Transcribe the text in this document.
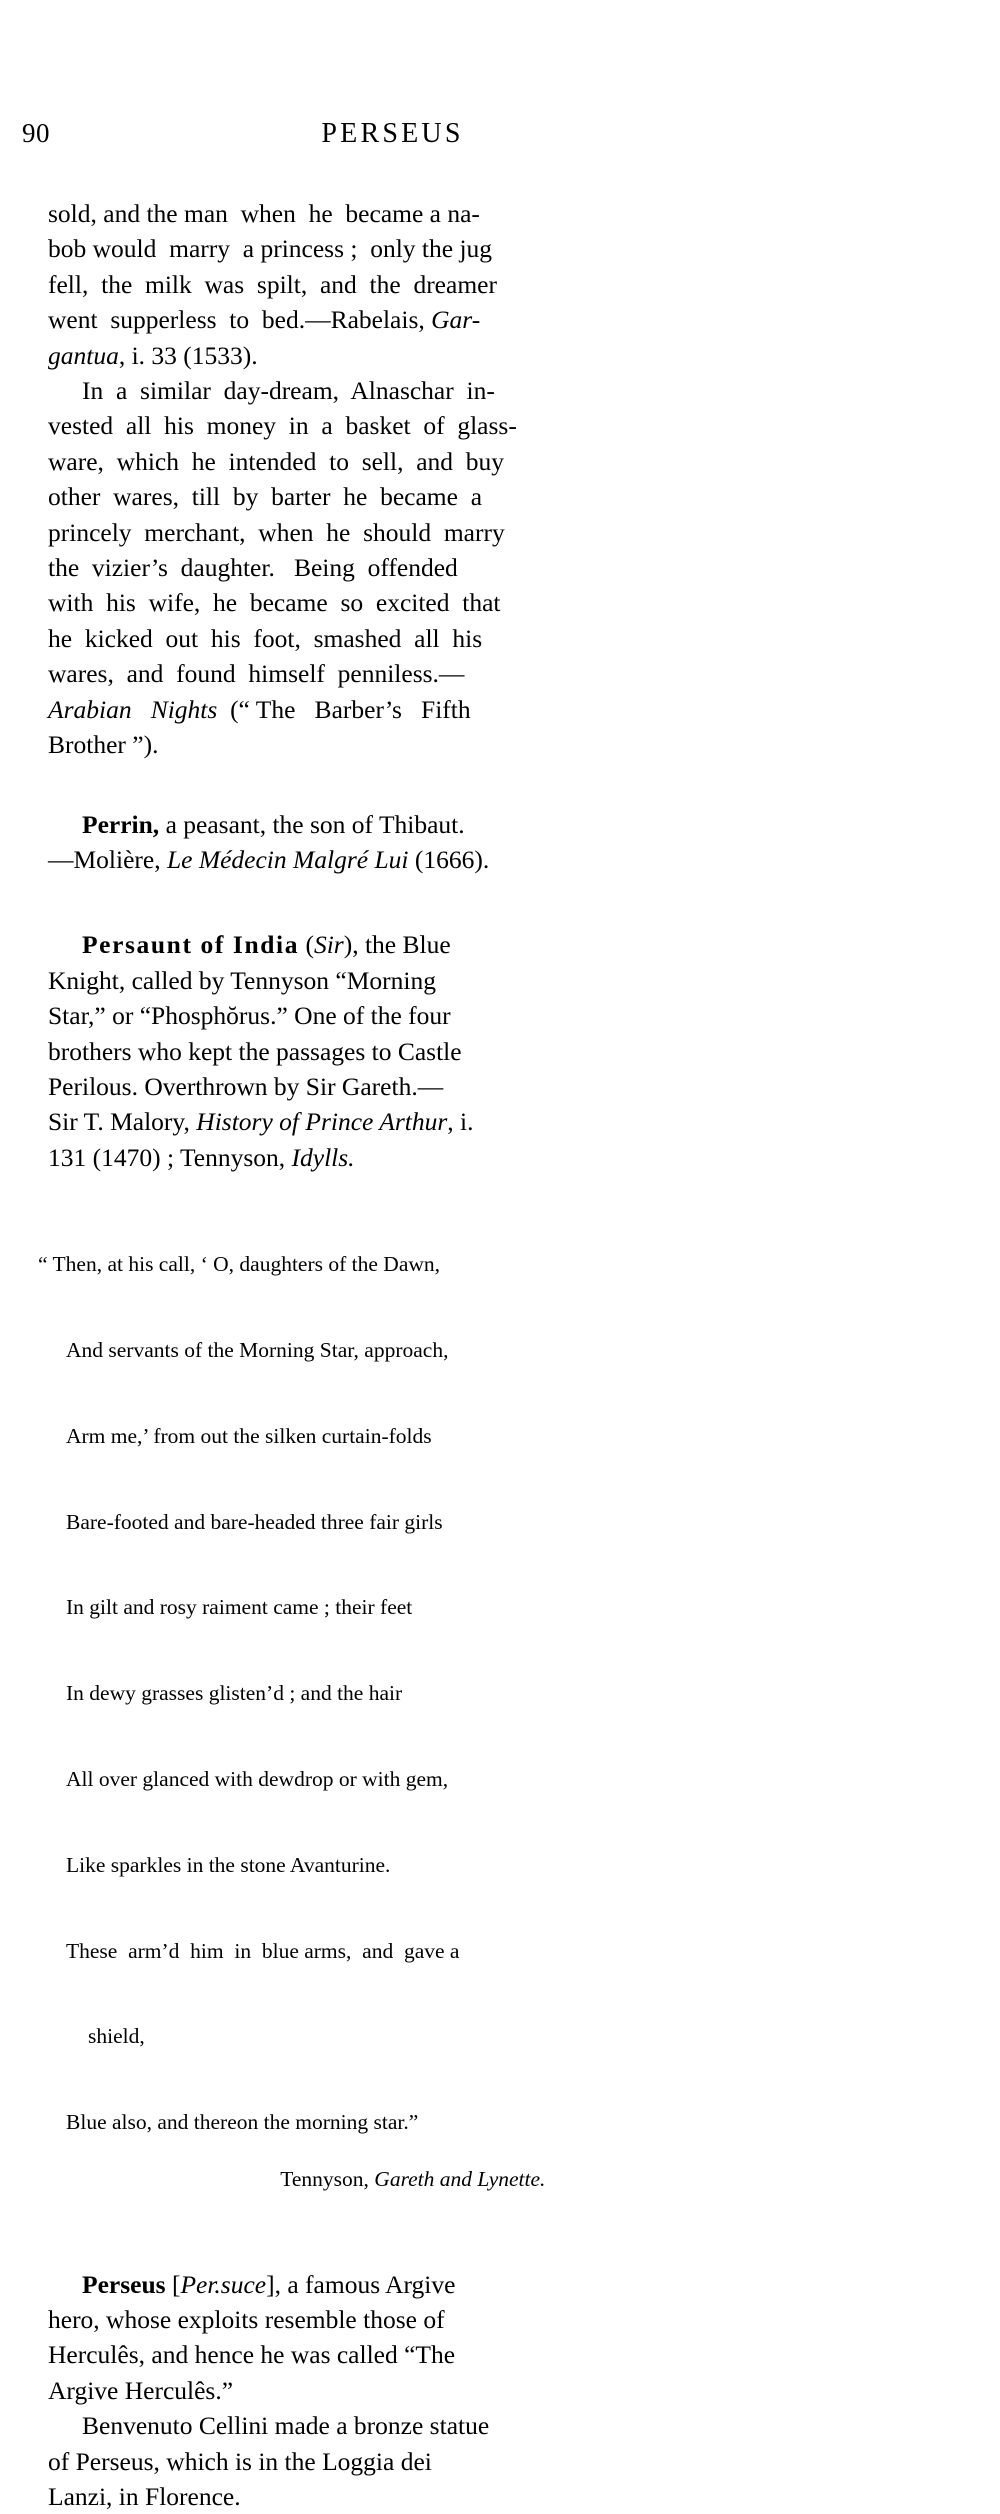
90	PERSEUS
sold, and the man  when  he  became a na-
bob would  marry  a princess ;  only the jug
fell,  the  milk  was  spilt,  and  the  dreamer
went  supperless  to  bed.—Rabelais, Gar-
gantua, i. 33 (1533).
In  a  similar  day-dream,  Alnaschar  in-
vested  all  his  money  in  a  basket  of  glass-
ware,  which  he  intended  to  sell,  and  buy
other  wares,  till  by  barter  he  became  a
princely  merchant,  when  he  should  marry
the  vizier’s  daughter.   Being  offended
with  his  wife,  he  became  so  excited  that
he  kicked  out  his  foot,  smashed  all  his
wares,  and  found  himself  penniless.—
Arabian   Nights  (“ The   Barber’s   Fifth
Brother ”).
Perrin, a peasant, the son of Thibaut.
—Molière, Le Médecin Malgré Lui (1666).
Persaunt of India (Sir), the Blue
Knight, called by Tennyson “Morning
Star,” or “Phosphŏrus.” One of the four
brothers who kept the passages to Castle
Perilous. Overthrown by Sir Gareth.—
Sir T. Malory, History of Prince Arthur, i.
131 (1470) ; Tennyson, Idylls.

“ Then, at his call, ‘ O, daughters of the Dawn,

And servants of the Morning Star, approach,

Arm me,’ from out the silken curtain-folds

Bare-footed and bare-headed three fair girls

In gilt and rosy raiment came ; their feet

In dewy grasses glisten’d ; and the hair

All over glanced with dewdrop or with gem,

Like sparkles in the stone Avanturine.

These  arm’d  him  in  blue arms,  and  gave a

shield,

Blue also, and thereon the morning star.”

Tennyson, Gareth and Lynette.

Perseus [Per.suce], a famous Argive
hero, whose exploits resemble those of
Herculês, and hence he was called “The
Argive Herculês.”
Benvenuto Cellini made a bronze statue
of Perseus, which is in the Loggia dei
Lanzi, in Florence.
